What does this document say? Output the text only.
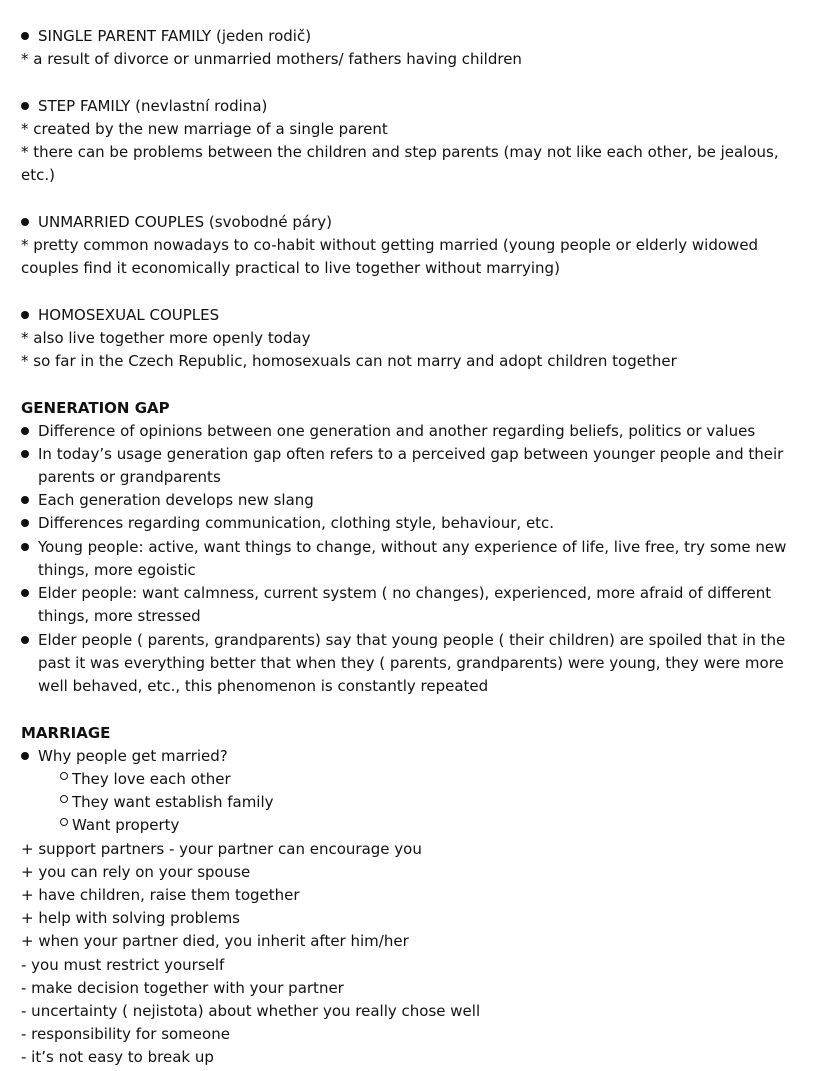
SINGLE PARENT FAMILY (jeden rodič)
* a result of divorce or unmarried mothers/ fathers having children
STEP FAMILY (nevlastní rodina)
* created by the new marriage of a single parent
* there can be problems between the children and step parents (may not like each other, be jealous,
etc.)
UNMARRIED COUPLES (svobodné páry)
* pretty common nowadays to co-habit without getting married (young people or elderly widowed
couples find it economically practical to live together without marrying)
HOMOSEXUAL COUPLES
* also live together more openly today
* so far in the Czech Republic, homosexuals can not marry and adopt children together
GENERATION GAP
Difference of opinions between one generation and another regarding beliefs, politics or values
In today’s usage generation gap often refers to a perceived gap between younger people and their
parents or grandparents
Each generation develops new slang
Differences regarding communication, clothing style, behaviour, etc.
Young people: active, want things to change, without any experience of life, live free, try some new
things, more egoistic
Elder people: want calmness, current system ( no changes), experienced, more afraid of different
things, more stressed
Elder people ( parents, grandparents) say that young people ( their children) are spoiled that in the
past it was everything better that when they ( parents, grandparents) were young, they were more
well behaved, etc., this phenomenon is constantly repeated
MARRIAGE
Why people get married?
They love each other
They want establish family
Want property
+ support partners - your partner can encourage you
+ you can rely on your spouse
+ have children, raise them together
+ help with solving problems
+ when your partner died, you inherit after him/her
- you must restrict yourself
- make decision together with your partner
- uncertainty ( nejistota) about whether you really chose well
- responsibility for someone
- it’s not easy to break up
